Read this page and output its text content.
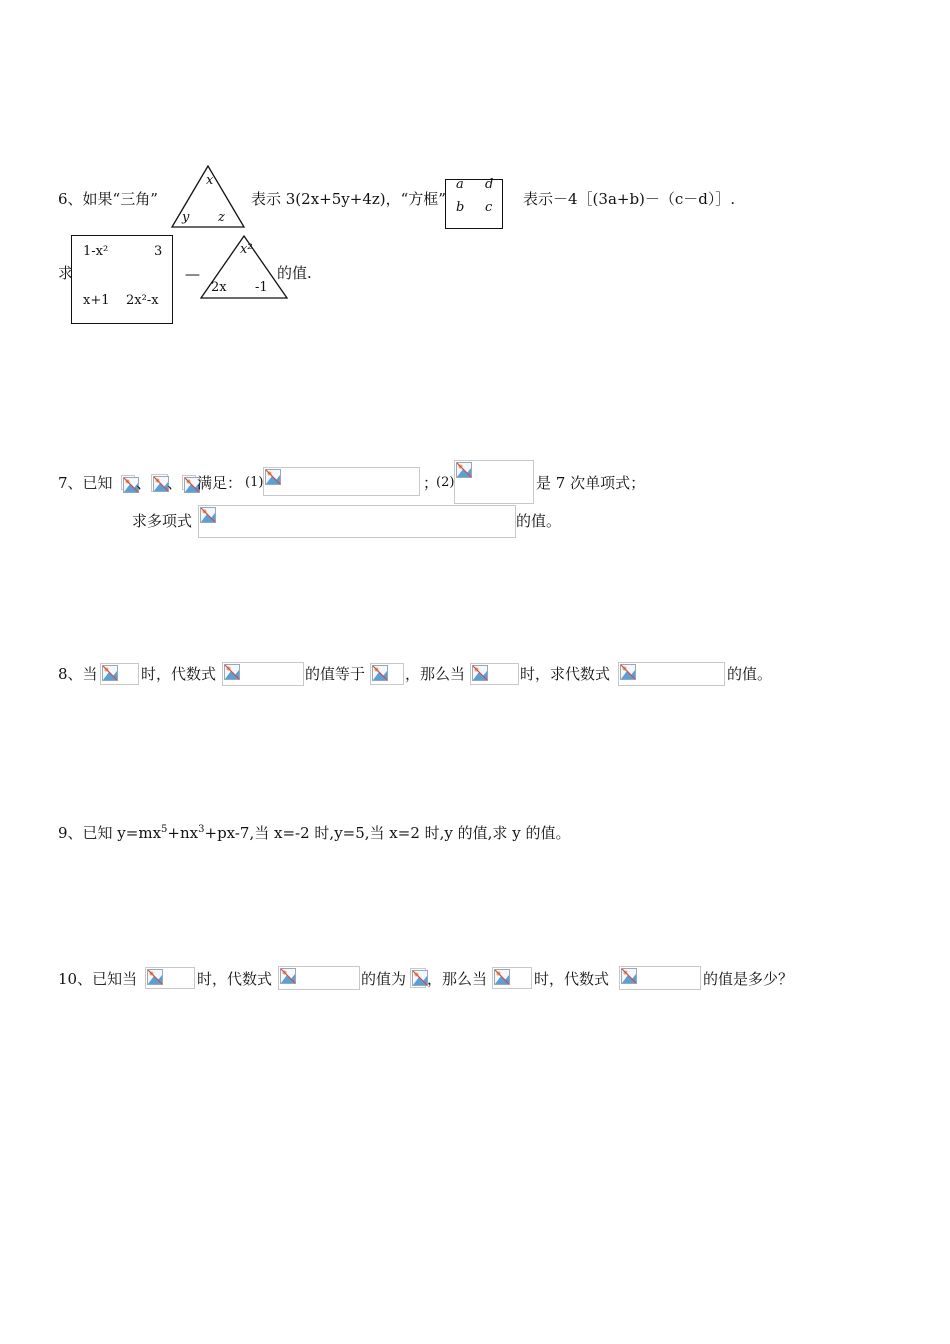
6、如果“三角”
x
y z
表示 3(2x+5y+4z)，“方框”
a d
b c 表示－4［(3a+b)－（c－d）］.
求
1-x²	3
x+1 2x²-x
—
x²
2x -1
的值.
7、已知 、 、 满足： (1)	；
(2)	是 7 次单项式；
求多项式	的值。
8、当	时，代数式	的值等于	，那么当	时，求代数式	的值。
9、已知 $y=mx^5+nx^3+px-7$,当 x=-2 时,y=5,当 x=2 时,y 的值,求 y 的值。
10、已知当	时，代数式	的值为 ，那么当	时，代数式	的值是多少？
